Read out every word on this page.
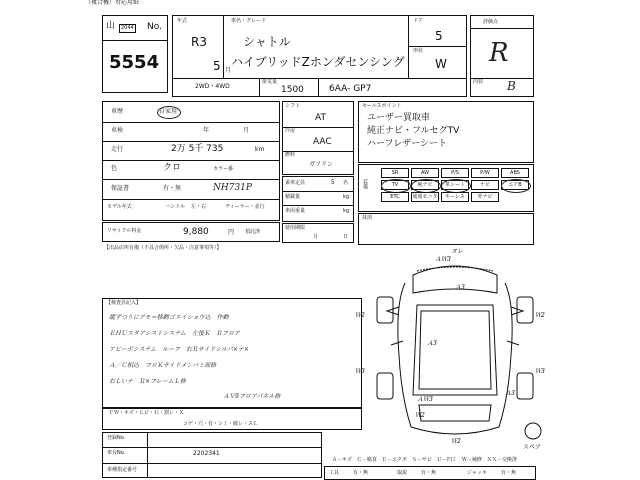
（複合機）対応用紙
山	2044 No.
5554
年式
R3
5 月
車名・グレード
シャトル
ハイブリッドZホンダセンシング
ドア
5
形状
W
2WD・4WD
排気量
1500	6AA- GP7
評価点
R
内装 B
車歴	自家用
車検	年	月
走行	2万 5千 735	km
色	クロ	カラー番.
保証書	有・無	NH731P
モデル年式	ハンドル 左・右	ディーラー・並行
シフト
AT
冷房
AAC
燃料
ガソリン
乗車定員	5 名
積載量	kg
車両重量	kg
セールスポイント
ユーザー買取車
純正ナビ・フルセグTV
ハーフレザーシート
装備
SR	AW	P/S	P/W	ABS
TV	純ナビ	革シート	ナビ	エアB
ETC	後席モニタ	キーレス	外ナビ
抹消
使用期限
月	日
リサイクル料金	9,880	円 預託済
【出品店所有備（不具合箇所・欠品・注意事項等）】
【検査員記入】
緩ずつりにアモ＝移動ゴエイショウ込　作動
ＥＨＵスタアシストシステム　左後Ｋ　Ｒフロア
アビーボシステム　ルーフ　右Ｒサイドシルパ×ナ×
Ａ／Ｃ相込　フロＫサイドメンバミ部修
右Ｌいナ　Ｒ×フレームＬ修
ＡＶ9フロアパネル修
ＦＷ・キズ・ヒビ・石・割レ・Ｘ
コゲ・穴・有・シミ・破レ・スＬ
登録No.
車台No.	2202341
車種指定番号
Ａ－キズ　Ｃ－腐食　Ｅ－エクボ　Ｓ－サビ　Ｕ－凹ミ　Ｗ－補修　ＸＸ－交換済
工具	有・無	取説	有・無	ジャッキ	有・無
ヌレ
ＡＷ3
Ａ3
Ａ3
ＡＷ3
Ｗ2	Ｗ2
Ｗ3	Ｗ3
Ｗ2
Ｗ2
Ａ3
スペア
